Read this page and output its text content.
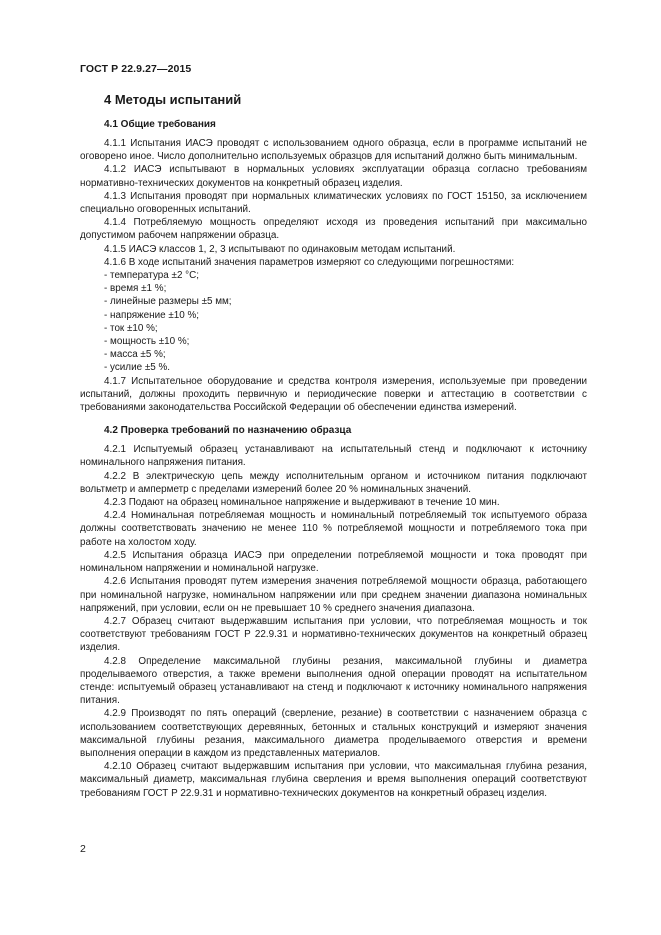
ГОСТ Р 22.9.27—2015
4 Методы испытаний
4.1 Общие требования

4.1.1 Испытания ИАСЭ проводят с использованием одного образца, если в программе испытаний не оговорено иное. Число дополнительно используемых образцов для испытаний должно быть минимальным.

4.1.2 ИАСЭ испытывают в нормальных условиях эксплуатации образца согласно требованиям нормативно-технических документов на конкретный образец изделия.

4.1.3 Испытания проводят при нормальных климатических условиях по ГОСТ 15150, за исключением специально оговоренных испытаний.

4.1.4 Потребляемую мощность определяют исходя из проведения испытаний при максимально допустимом рабочем напряжении образца.

4.1.5 ИАСЭ классов 1, 2, 3 испытывают по одинаковым методам испытаний.

4.1.6 В ходе испытаний значения параметров измеряют со следующими погрешностями:

- температура ±2 °С;
- время ±1 %;
- линейные размеры ±5 мм;
- напряжение ±10 %;
- ток ±10 %;
- мощность ±10 %;
- масса ±5 %;
- усилие ±5 %.

4.1.7 Испытательное оборудование и средства контроля измерения, используемые при проведении испытаний, должны проходить первичную и периодические поверки и аттестацию в соответствии с требованиями законодательства Российской Федерации об обеспечении единства измерений.

4.2 Проверка требований по назначению образца

4.2.1 Испытуемый образец устанавливают на испытательный стенд и подключают к источнику номинального напряжения питания.

4.2.2 В электрическую цепь между исполнительным органом и источником питания подключают вольтметр и амперметр с пределами измерений более 20 % номинальных значений.

4.2.3 Подают на образец номинальное напряжение и выдерживают в течение 10 мин.

4.2.4 Номинальная потребляемая мощность и номинальный потребляемый ток испытуемого образа должны соответствовать значению не менее 110 % потребляемой мощности и потребляемого тока при работе на холостом ходу.

4.2.5 Испытания образца ИАСЭ при определении потребляемой мощности и тока проводят при номинальном напряжении и номинальной нагрузке.

4.2.6 Испытания проводят путем измерения значения потребляемой мощности образца, работающего при номинальной нагрузке, номинальном напряжении или при среднем значении диапазона номинальных напряжений, при условии, если он не превышает 10 % среднего значения диапазона.

4.2.7 Образец считают выдержавшим испытания при условии, что потребляемая мощность и ток соответствуют требованиям ГОСТ Р 22.9.31 и нормативно-технических документов на конкретный образец изделия.

4.2.8 Определение максимальной глубины резания, максимальной глубины и диаметра проделываемого отверстия, а также времени выполнения одной операции проводят на испытательном стенде: испытуемый образец устанавливают на стенд и подключают к источнику номинального напряжения питания.

4.2.9 Производят по пять операций (сверление, резание) в соответствии с назначением образца с использованием соответствующих деревянных, бетонных и стальных конструкций и измеряют значения максимальной глубины резания, максимального диаметра проделываемого отверстия и времени выполнения операции в каждом из представленных материалов.

4.2.10 Образец считают выдержавшим испытания при условии, что максимальная глубина резания, максимальный диаметр, максимальная глубина сверления и время выполнения операций соответствуют требованиям ГОСТ Р 22.9.31 и нормативно-технических документов на конкретный образец изделия.

2
